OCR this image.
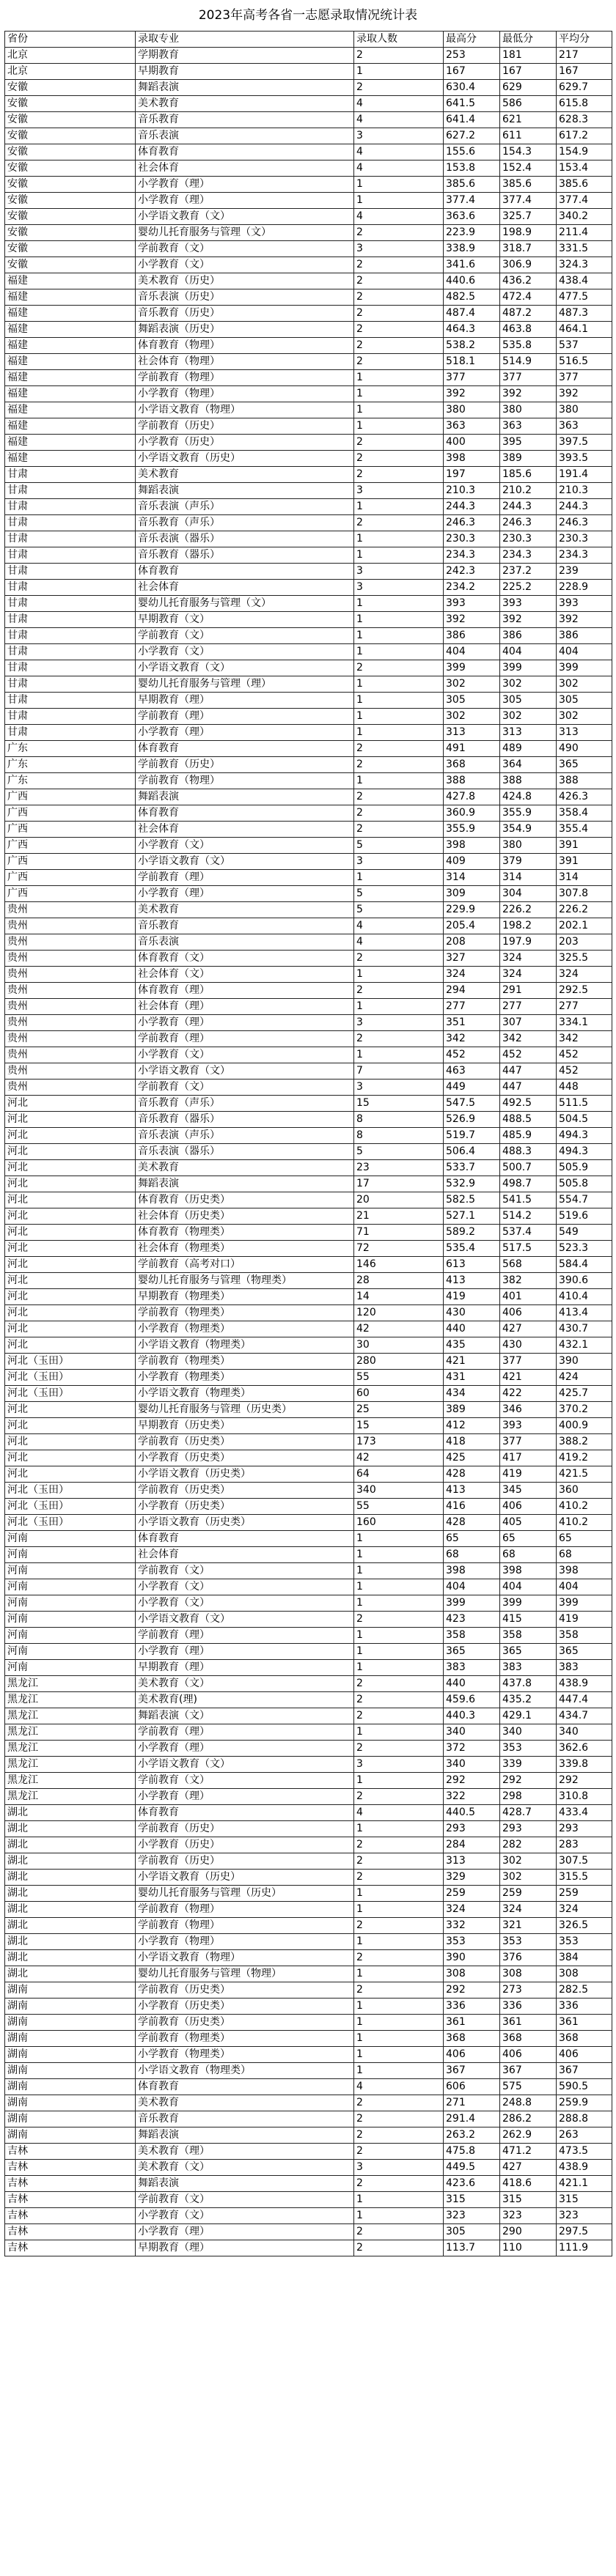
2023年高考各省一志愿录取情况统计表
省份	录取专业	录取人数	最高分	最低分	平均分
北京	学期教育	2	253	181	217
北京	早期教育	1	167	167	167
安徽	舞蹈表演	2	630.4	629	629.7
安徽	美术教育	4	641.5	586	615.8
安徽	音乐教育	4	641.4	621	628.3
安徽	音乐表演	3	627.2	611	617.2
安徽	体育教育	4	155.6	154.3	154.9
安徽	社会体育	4	153.8	152.4	153.4
安徽	小学教育（理）	1	385.6	385.6	385.6
安徽	小学教育（理）	1	377.4	377.4	377.4
安徽	小学语文教育（文）	4	363.6	325.7	340.2
安徽	婴幼儿托育服务与管理（文）	2	223.9	198.9	211.4
安徽	学前教育（文）	3	338.9	318.7	331.5
安徽	小学教育（文）	2	341.6	306.9	324.3
福建	美术教育（历史）	2	440.6	436.2	438.4
福建	音乐表演（历史）	2	482.5	472.4	477.5
福建	音乐教育（历史）	2	487.4	487.2	487.3
福建	舞蹈表演（历史）	2	464.3	463.8	464.1
福建	体育教育（物理）	2	538.2	535.8	537
福建	社会体育（物理）	2	518.1	514.9	516.5
福建	学前教育（物理）	1	377	377	377
福建	小学教育（物理）	1	392	392	392
福建	小学语文教育（物理）	1	380	380	380
福建	学前教育（历史）	1	363	363	363
福建	小学教育（历史）	2	400	395	397.5
福建	小学语文教育（历史）	2	398	389	393.5
甘肃	美术教育	2	197	185.6	191.4
甘肃	舞蹈表演	3	210.3	210.2	210.3
甘肃	音乐表演（声乐）	1	244.3	244.3	244.3
甘肃	音乐教育（声乐）	2	246.3	246.3	246.3
甘肃	音乐表演（器乐）	1	230.3	230.3	230.3
甘肃	音乐教育（器乐）	1	234.3	234.3	234.3
甘肃	体育教育	3	242.3	237.2	239
甘肃	社会体育	3	234.2	225.2	228.9
甘肃	婴幼儿托育服务与管理（文）	1	393	393	393
甘肃	早期教育（文）	1	392	392	392
甘肃	学前教育（文）	1	386	386	386
甘肃	小学教育（文）	1	404	404	404
甘肃	小学语文教育（文）	2	399	399	399
甘肃	婴幼儿托育服务与管理（理）	1	302	302	302
甘肃	早期教育（理）	1	305	305	305
甘肃	学前教育（理）	1	302	302	302
甘肃	小学教育（理）	1	313	313	313
广东	体育教育	2	491	489	490
广东	学前教育（历史）	2	368	364	365
广东	学前教育（物理）	1	388	388	388
广西	舞蹈表演	2	427.8	424.8	426.3
广西	体育教育	2	360.9	355.9	358.4
广西	社会体育	2	355.9	354.9	355.4
广西	小学教育（文）	5	398	380	391
广西	小学语文教育（文）	3	409	379	391
广西	学前教育（理）	1	314	314	314
广西	小学教育（理）	5	309	304	307.8
贵州	美术教育	5	229.9	226.2	226.2
贵州	音乐教育	4	205.4	198.2	202.1
贵州	音乐表演	4	208	197.9	203
贵州	体育教育（文）	2	327	324	325.5
贵州	社会体育（文）	1	324	324	324
贵州	体育教育（理）	2	294	291	292.5
贵州	社会体育（理）	1	277	277	277
贵州	小学教育（理）	3	351	307	334.1
贵州	学前教育（理）	2	342	342	342
贵州	小学教育（文）	1	452	452	452
贵州	小学语文教育（文）	7	463	447	452
贵州	学前教育（文）	3	449	447	448
河北	音乐教育（声乐）	15	547.5	492.5	511.5
河北	音乐教育（器乐）	8	526.9	488.5	504.5
河北	音乐表演（声乐）	8	519.7	485.9	494.3
河北	音乐表演（器乐）	5	506.4	488.3	494.3
河北	美术教育	23	533.7	500.7	505.9
河北	舞蹈表演	17	532.9	498.7	505.8
河北	体育教育（历史类）	20	582.5	541.5	554.7
河北	社会体育（历史类）	21	527.1	514.2	519.6
河北	体育教育（物理类）	71	589.2	537.4	549
河北	社会体育（物理类）	72	535.4	517.5	523.3
河北	学前教育（高考对口）	146	613	568	584.4
河北	婴幼儿托育服务与管理（物理类）	28	413	382	390.6
河北	早期教育（物理类）	14	419	401	410.4
河北	学前教育（物理类）	120	430	406	413.4
河北	小学教育（物理类）	42	440	427	430.7
河北	小学语文教育（物理类）	30	435	430	432.1
河北（玉田）	学前教育（物理类）	280	421	377	390
河北（玉田）	小学教育（物理类）	55	431	421	424
河北（玉田）	小学语文教育（物理类）	60	434	422	425.7
河北	婴幼儿托育服务与管理（历史类）	25	389	346	370.2
河北	早期教育（历史类）	15	412	393	400.9
河北	学前教育（历史类）	173	418	377	388.2
河北	小学教育（历史类）	42	425	417	419.2
河北	小学语文教育（历史类）	64	428	419	421.5
河北（玉田）	学前教育（历史类）	340	413	345	360
河北（玉田）	小学教育（历史类）	55	416	406	410.2
河北（玉田）	小学语文教育（历史类）	160	428	405	410.2
河南	体育教育	1	65	65	65
河南	社会体育	1	68	68	68
河南	学前教育（文）	1	398	398	398
河南	小学教育（文）	1	404	404	404
河南	小学教育（文）	1	399	399	399
河南	小学语文教育（文）	2	423	415	419
河南	学前教育（理）	1	358	358	358
河南	小学教育（理）	1	365	365	365
河南	早期教育（理）	1	383	383	383
黑龙江	美术教育（文）	2	440	437.8	438.9
黑龙江	美术教育(理)	2	459.6	435.2	447.4
黑龙江	舞蹈表演（文）	2	440.3	429.1	434.7
黑龙江	学前教育（理）	1	340	340	340
黑龙江	小学教育（理）	2	372	353	362.6
黑龙江	小学语文教育（文）	3	340	339	339.8
黑龙江	学前教育（文）	1	292	292	292
黑龙江	小学教育（理）	2	322	298	310.8
湖北	体育教育	4	440.5	428.7	433.4
湖北	学前教育（历史）	1	293	293	293
湖北	小学教育（历史）	2	284	282	283
湖北	学前教育（历史）	2	313	302	307.5
湖北	小学语文教育（历史）	2	329	302	315.5
湖北	婴幼儿托育服务与管理（历史）	1	259	259	259
湖北	学前教育（物理）	1	324	324	324
湖北	学前教育（物理）	2	332	321	326.5
湖北	小学教育（物理）	1	353	353	353
湖北	小学语文教育（物理）	2	390	376	384
湖北	婴幼儿托育服务与管理（物理）	1	308	308	308
湖南	学前教育（历史类）	2	292	273	282.5
湖南	小学教育（历史类）	1	336	336	336
湖南	学前教育（历史类）	1	361	361	361
湖南	学前教育（物理类）	1	368	368	368
湖南	小学教育（物理类）	1	406	406	406
湖南	小学语文教育（物理类）	1	367	367	367
湖南	体育教育	4	606	575	590.5
湖南	美术教育	2	271	248.8	259.9
湖南	音乐教育	2	291.4	286.2	288.8
湖南	舞蹈表演	2	263.2	262.9	263
吉林	美术教育（理）	2	475.8	471.2	473.5
吉林	美术教育（文）	3	449.5	427	438.9
吉林	舞蹈表演	2	423.6	418.6	421.1
吉林	学前教育（文）	1	315	315	315
吉林	小学教育（文）	1	323	323	323
吉林	小学教育（理）	2	305	290	297.5
吉林	早期教育（理）	2	113.7	110	111.9
